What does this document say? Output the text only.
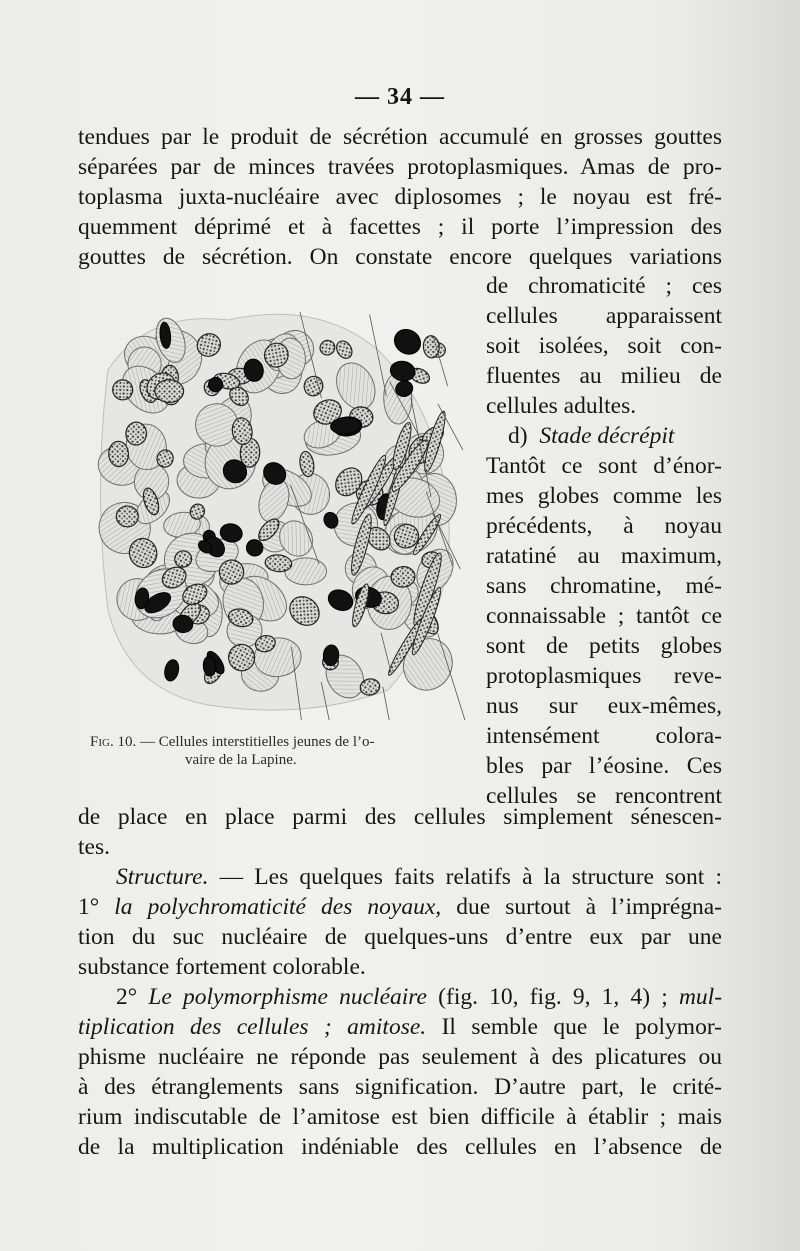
— 34 —
tendues par le produit de sécrétion accumulé en grosses gouttes
séparées par de minces travées protoplasmiques. Amas de pro-
toplasma juxta-nucléaire avec diplosomes ; le noyau est fré-
quemment déprimé et à facettes ; il porte l’impression des
gouttes de sécrétion. On constate encore quelques variations
de chromaticité ; ces
cellules apparaissent
soit isolées, soit con-
fluentes au milieu de
cellules adultes.
d) Stade décrépit
Tantôt ce sont d’énor-
mes globes comme les
précédents, à noyau
ratatiné au maximum,
sans chromatine, mé-
connaissable ; tantôt ce
sont de petits globes
protoplasmiques reve-
nus sur eux-mêmes,
intensément colora-
bles par l’éosine. Ces
cellules se rencontrent
Fig. 10. — Cellules interstitielles jeunes de l’o-
vaire de la Lapine.
de place en place parmi des cellules simplement sénescen-
tes.
Structure. — Les quelques faits relatifs à la structure sont :
1° la polychromaticité des noyaux, due surtout à l’imprégna-
tion du suc nucléaire de quelques-uns d’entre eux par une
substance fortement colorable.
2° Le polymorphisme nucléaire (fig. 10, fig. 9, 1, 4) ; mul-
tiplication des cellules ; amitose. Il semble que le polymor-
phisme nucléaire ne réponde pas seulement à des plicatures ou
à des étranglements sans signification. D’autre part, le crité-
rium indiscutable de l’amitose est bien difficile à établir ; mais
de la multiplication indéniable des cellules en l’absence de
